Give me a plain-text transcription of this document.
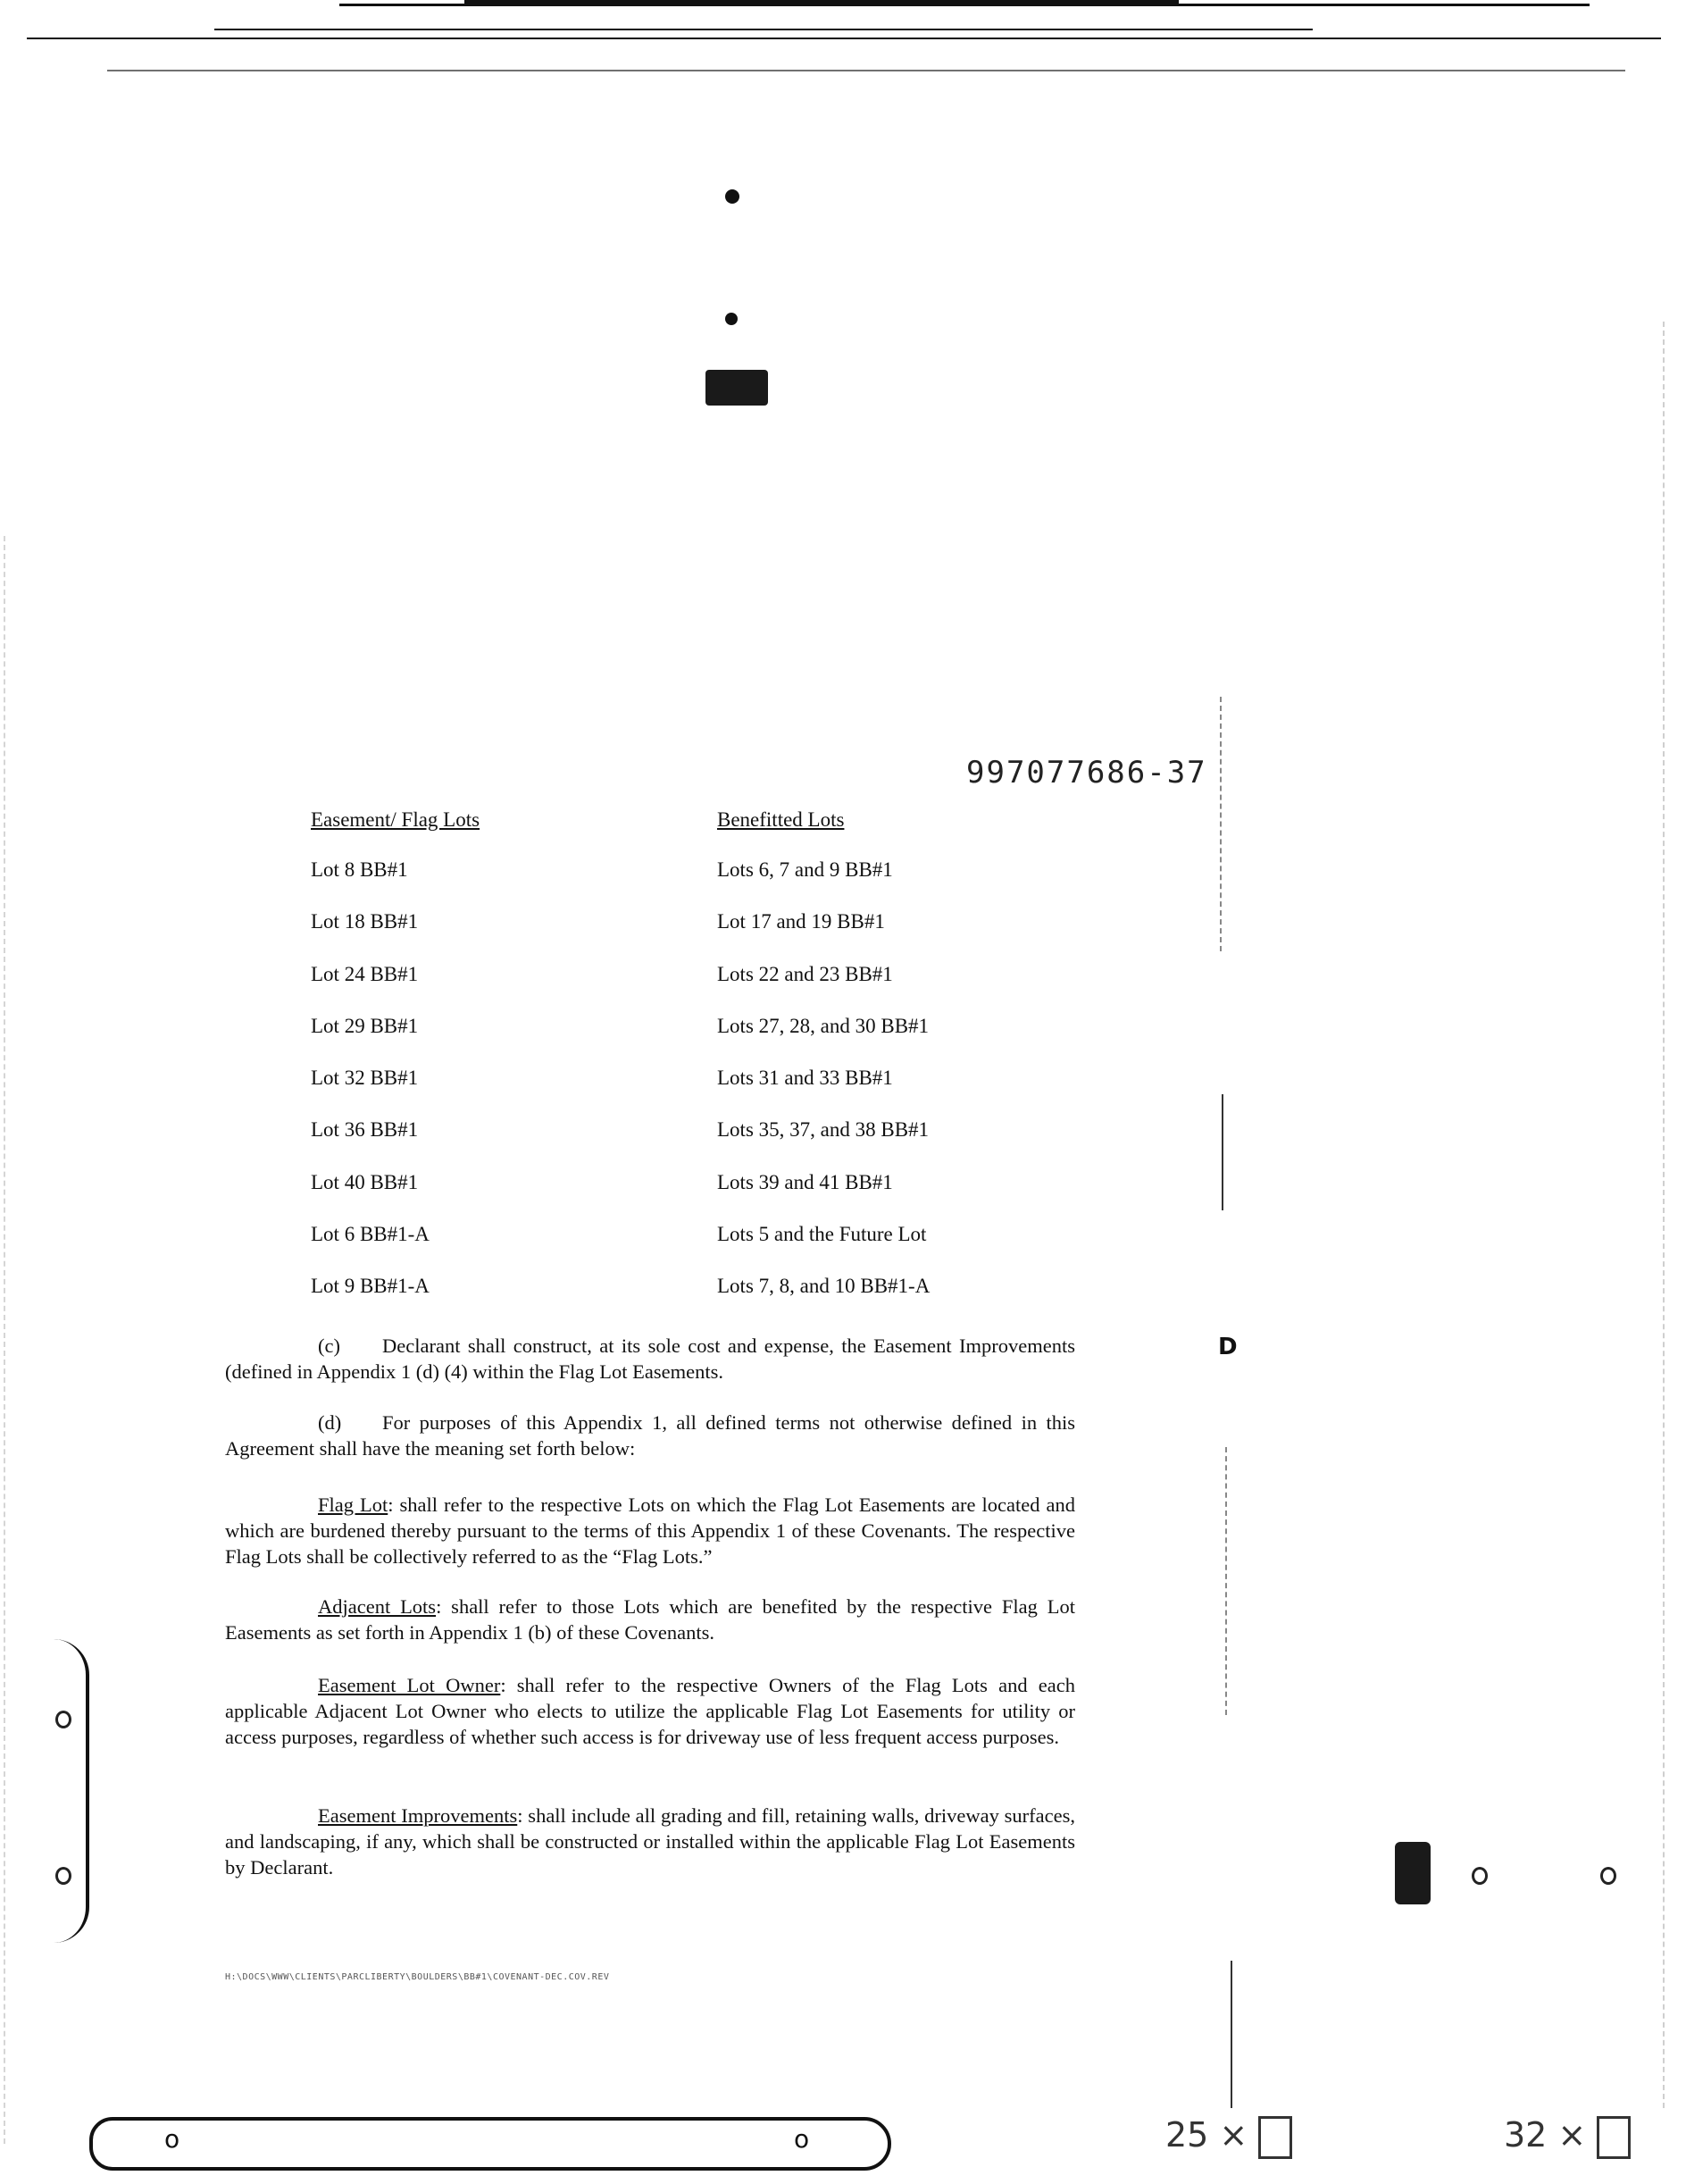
D
997077686-37
Easement/ Flag Lots	Benefitted Lots
Lot 8 BB#1	Lots 6, 7 and 9 BB#1
Lot 18 BB#1	Lot 17 and 19 BB#1
Lot 24 BB#1	Lots 22 and 23 BB#1
Lot 29 BB#1	Lots 27, 28, and 30 BB#1
Lot 32 BB#1	Lots 31 and 33 BB#1
Lot 36 BB#1	Lots 35, 37, and 38 BB#1
Lot 40 BB#1	Lots 39 and 41 BB#1
Lot 6 BB#1-A	Lots 5 and the Future Lot
Lot 9 BB#1-A	Lots 7, 8, and 10 BB#1-A

(c) Declarant shall construct, at its sole cost and expense, the Easement Improvements (defined in Appendix 1 (d) (4) within the Flag Lot Easements.

(d) For purposes of this Appendix 1, all defined terms not otherwise defined in this Agreement shall have the meaning set forth below:

Flag Lot: shall refer to the respective Lots on which the Flag Lot Easements are located and which are burdened thereby pursuant to the terms of this Appendix 1 of these Covenants. The respective Flag Lots shall be collectively referred to as the “Flag Lots.”

Adjacent Lots: shall refer to those Lots which are benefited by the respective Flag Lot Easements as set forth in Appendix 1 (b) of these Covenants.

Easement Lot Owner: shall refer to the respective Owners of the Flag Lots and each applicable Adjacent Lot Owner who elects to utilize the applicable Flag Lot Easements for utility or access purposes, regardless of whether such access is for driveway use of less frequent access purposes.

Easement Improvements: shall include all grading and fill, retaining walls, driveway surfaces, and landscaping, if any, which shall be constructed or installed within the applicable Flag Lot Easements by Declarant.

H:\DOCS\WWW\CLIENTS\PARCLIBERTY\BOULDERS\BB#1\COVENANT-DEC.COV.REV
o	o	25 ×	32 ×
